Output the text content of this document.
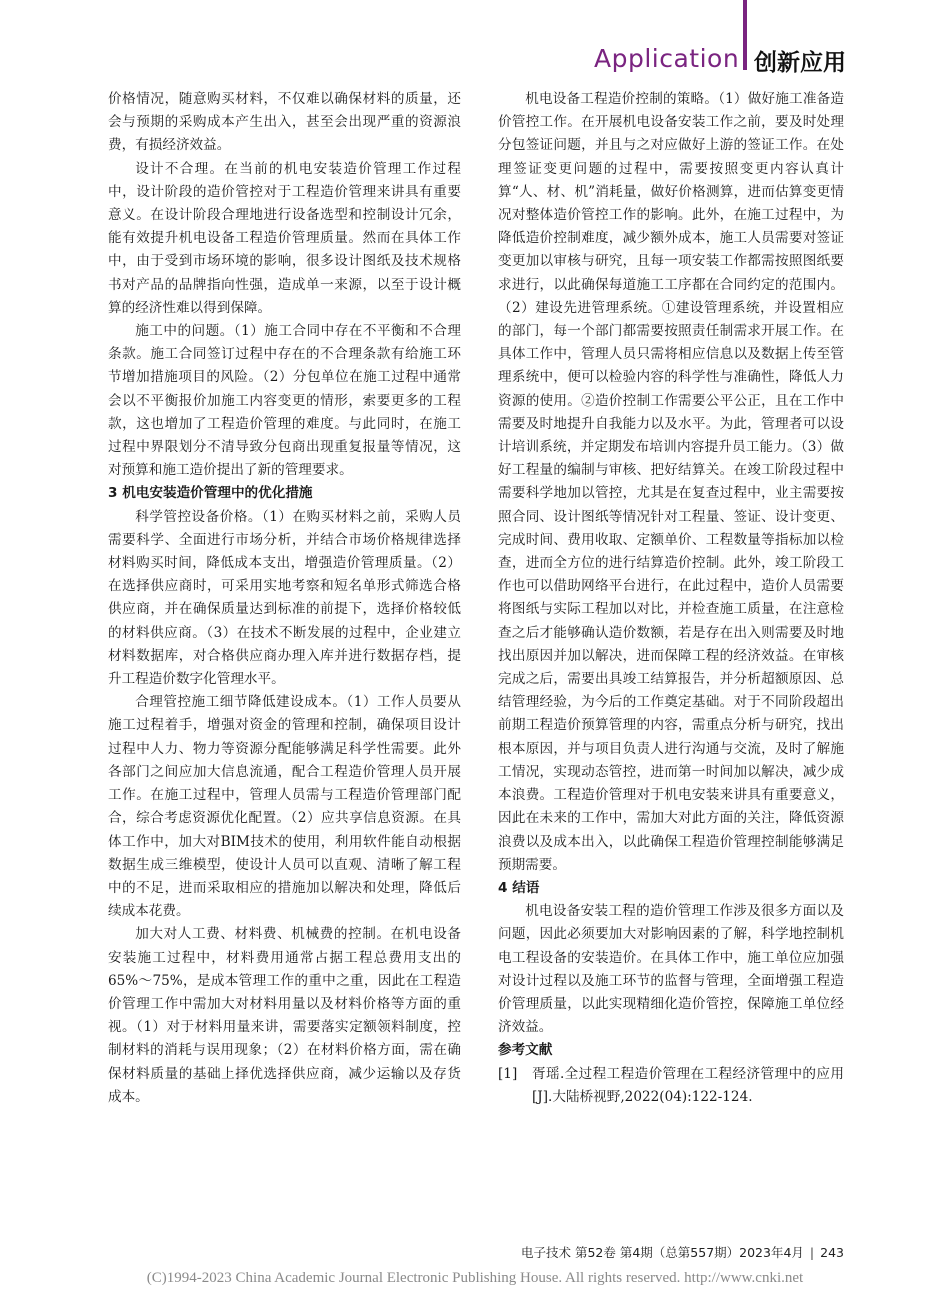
Application 创新应用

价格情况，随意购买材料，不仅难以确保材料的质量，还会与预期的采购成本产生出入，甚至会出现严重的资源浪费，有损经济效益。

设计不合理。在当前的机电安装造价管理工作过程中，设计阶段的造价管控对于工程造价管理来讲具有重要意义。在设计阶段合理地进行设备选型和控制设计冗余，能有效提升机电设备工程造价管理质量。然而在具体工作中，由于受到市场环境的影响，很多设计图纸及技术规格书对产品的品牌指向性强，造成单一来源，以至于设计概算的经济性难以得到保障。

施工中的问题。（1）施工合同中存在不平衡和不合理条款。施工合同签订过程中存在的不合理条款有给施工环节增加措施项目的风险。（2）分包单位在施工过程中通常会以不平衡报价加施工内容变更的情形，索要更多的工程款，这也增加了工程造价管理的难度。与此同时，在施工过程中界限划分不清导致分包商出现重复报量等情况，这对预算和施工造价提出了新的管理要求。

3 机电安装造价管理中的优化措施

科学管控设备价格。（1）在购买材料之前，采购人员需要科学、全面进行市场分析，并结合市场价格规律选择材料购买时间，降低成本支出，增强造价管理质量。（2）在选择供应商时，可采用实地考察和短名单形式筛选合格供应商，并在确保质量达到标准的前提下，选择价格较低的材料供应商。（3）在技术不断发展的过程中，企业建立材料数据库，对合格供应商办理入库并进行数据存档，提升工程造价数字化管理水平。

合理管控施工细节降低建设成本。（1）工作人员要从施工过程着手，增强对资金的管理和控制，确保项目设计过程中人力、物力等资源分配能够满足科学性需要。此外各部门之间应加大信息流通，配合工程造价管理人员开展工作。在施工过程中，管理人员需与工程造价管理部门配合，综合考虑资源优化配置。（2）应共享信息资源。在具体工作中，加大对BIM技术的使用，利用软件能自动根据数据生成三维模型，使设计人员可以直观、清晰了解工程中的不足，进而采取相应的措施加以解决和处理，降低后续成本花费。

加大对人工费、材料费、机械费的控制。在机电设备安装施工过程中，材料费用通常占据工程总费用支出的65%～75%，是成本管理工作的重中之重，因此在工程造价管理工作中需加大对材料用量以及材料价格等方面的重视。（1）对于材料用量来讲，需要落实定额领料制度，控制材料的消耗与误用现象；（2）在材料价格方面，需在确保材料质量的基础上择优选择供应商，减少运输以及存货成本。

机电设备工程造价控制的策略。（1）做好施工准备造价管控工作。在开展机电设备安装工作之前，要及时处理分包签证问题，并且与之对应做好上游的签证工作。在处理签证变更问题的过程中，需要按照变更内容认真计算“人、材、机”消耗量，做好价格测算，进而估算变更情况对整体造价管控工作的影响。此外，在施工过程中，为降低造价控制难度，减少额外成本，施工人员需要对签证变更加以审核与研究，且每一项安装工作都需按照图纸要求进行，以此确保每道施工工序都在合同约定的范围内。（2）建设先进管理系统。①建设管理系统，并设置相应的部门，每一个部门都需要按照责任制需求开展工作。在具体工作中，管理人员只需将相应信息以及数据上传至管理系统中，便可以检验内容的科学性与准确性，降低人力资源的使用。②造价控制工作需要公平公正，且在工作中需要及时地提升自我能力以及水平。为此，管理者可以设计培训系统，并定期发布培训内容提升员工能力。（3）做好工程量的编制与审核、把好结算关。在竣工阶段过程中需要科学地加以管控，尤其是在复查过程中，业主需要按照合同、设计图纸等情况针对工程量、签证、设计变更、完成时间、费用收取、定额单价、工程数量等指标加以检查，进而全方位的进行结算造价控制。此外，竣工阶段工作也可以借助网络平台进行，在此过程中，造价人员需要将图纸与实际工程加以对比，并检查施工质量，在注意检查之后才能够确认造价数额，若是存在出入则需要及时地找出原因并加以解决，进而保障工程的经济效益。在审核完成之后，需要出具竣工结算报告，并分析超额原因、总结管理经验，为今后的工作奠定基础。对于不同阶段超出前期工程造价预算管理的内容，需重点分析与研究，找出根本原因，并与项目负责人进行沟通与交流，及时了解施工情况，实现动态管控，进而第一时间加以解决，减少成本浪费。工程造价管理对于机电安装来讲具有重要意义，因此在未来的工作中，需加大对此方面的关注，降低资源浪费以及成本出入，以此确保工程造价管理控制能够满足预期需要。

4 结语

机电设备安装工程的造价管理工作涉及很多方面以及问题，因此必须要加大对影响因素的了解，科学地控制机电工程设备的安装造价。在具体工作中，施工单位应加强对设计过程以及施工环节的监督与管理，全面增强工程造价管理质量，以此实现精细化造价管控，保障施工单位经济效益。

参考文献
[1]	胥瑶.全过程工程造价管理在工程经济管理中的应用[J].大陆桥视野,2022(04):122-124.
电子技术 第52卷 第4期（总第557期）2023年4月 | 243
(C)1994-2023 China Academic Journal Electronic Publishing House. All rights reserved. http://www.cnki.net
